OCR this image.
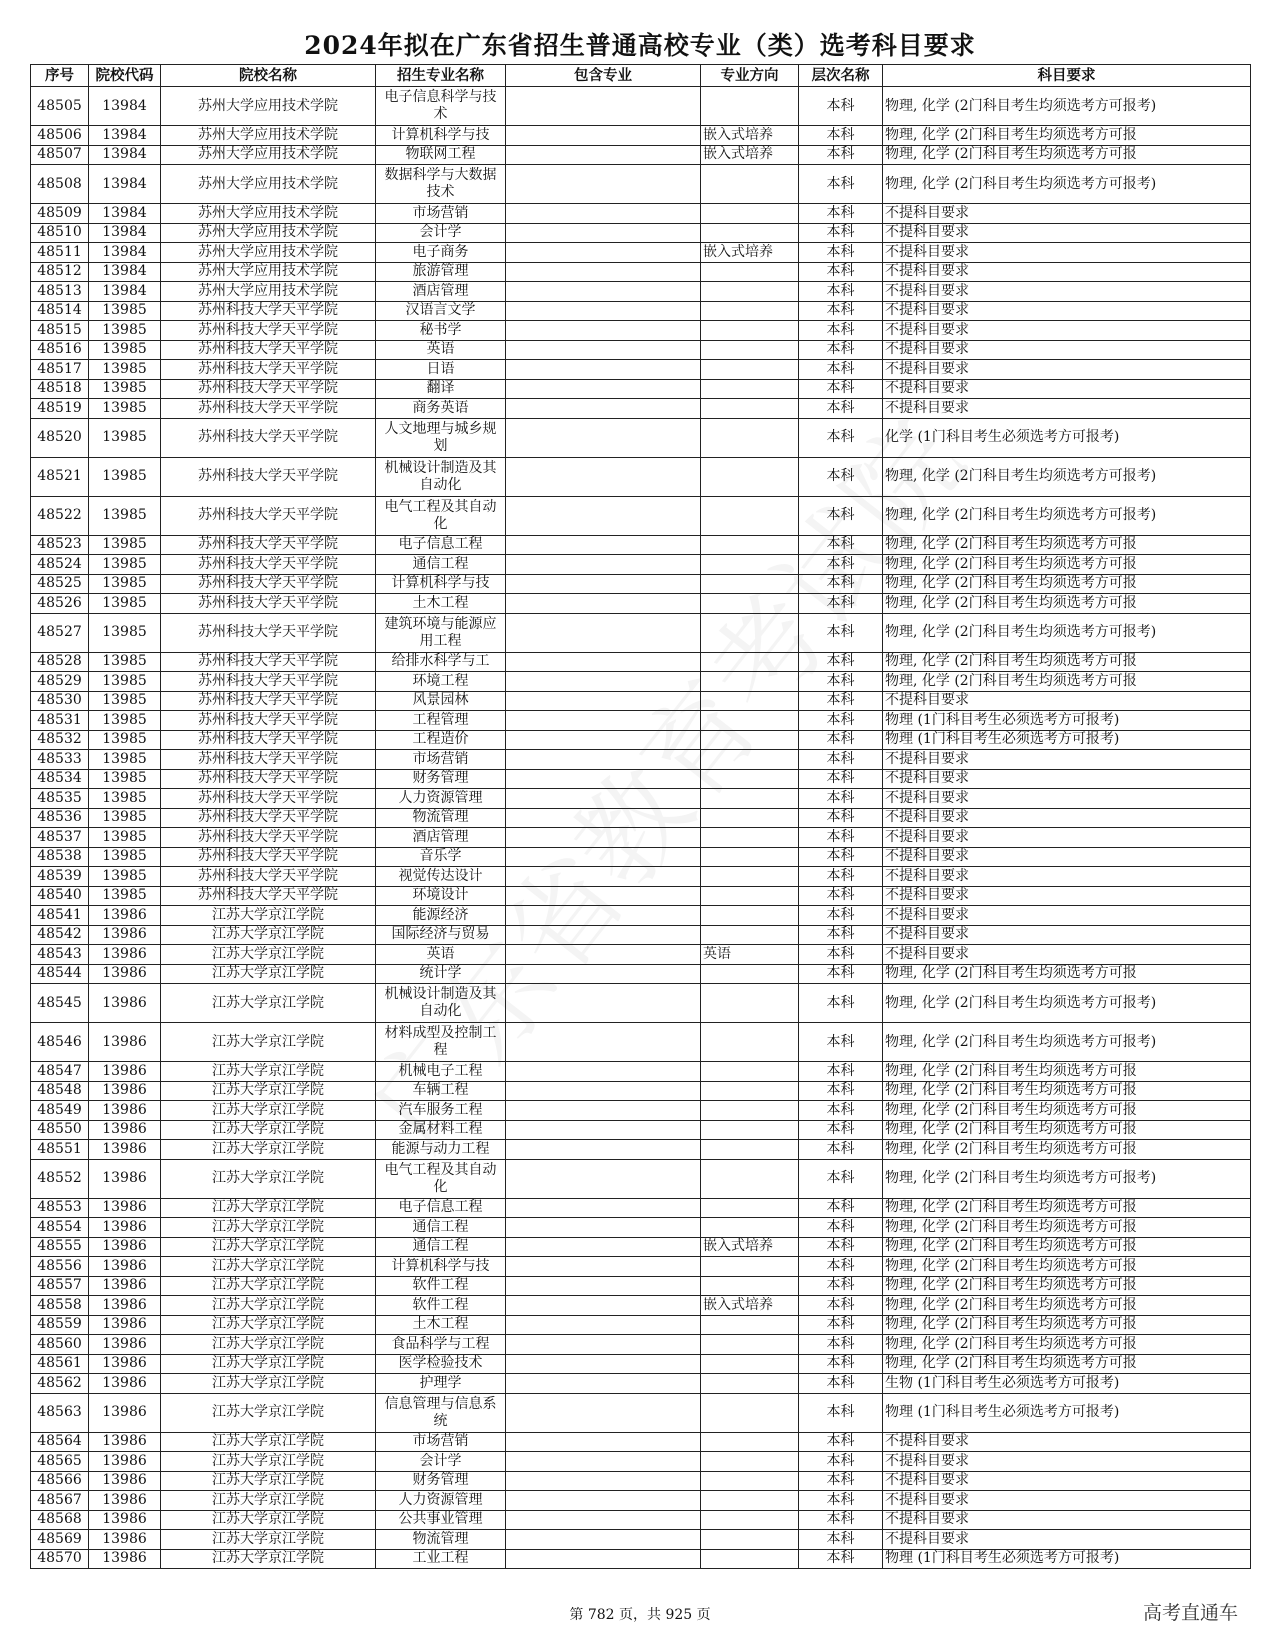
2024年拟在广东省招生普通高校专业（类）选考科目要求
序号	院校代码	院校名称	招生专业名称	包含专业	专业方向	层次名称	科目要求
48505	13984	苏州大学应用技术学院	电子信息科学与技术			本科	物理, 化学 (2门科目考生均须选考方可报考)
48506	13984	苏州大学应用技术学院	计算机科学与技		嵌入式培养	本科	物理, 化学 (2门科目考生均须选考方可报
48507	13984	苏州大学应用技术学院	物联网工程		嵌入式培养	本科	物理, 化学 (2门科目考生均须选考方可报
48508	13984	苏州大学应用技术学院	数据科学与大数据技术			本科	物理, 化学 (2门科目考生均须选考方可报考)
48509	13984	苏州大学应用技术学院	市场营销			本科	不提科目要求
48510	13984	苏州大学应用技术学院	会计学			本科	不提科目要求
48511	13984	苏州大学应用技术学院	电子商务		嵌入式培养	本科	不提科目要求
48512	13984	苏州大学应用技术学院	旅游管理			本科	不提科目要求
48513	13984	苏州大学应用技术学院	酒店管理			本科	不提科目要求
48514	13985	苏州科技大学天平学院	汉语言文学			本科	不提科目要求
48515	13985	苏州科技大学天平学院	秘书学			本科	不提科目要求
48516	13985	苏州科技大学天平学院	英语			本科	不提科目要求
48517	13985	苏州科技大学天平学院	日语			本科	不提科目要求
48518	13985	苏州科技大学天平学院	翻译			本科	不提科目要求
48519	13985	苏州科技大学天平学院	商务英语			本科	不提科目要求
48520	13985	苏州科技大学天平学院	人文地理与城乡规划			本科	化学 (1门科目考生必须选考方可报考)
48521	13985	苏州科技大学天平学院	机械设计制造及其自动化			本科	物理, 化学 (2门科目考生均须选考方可报考)
48522	13985	苏州科技大学天平学院	电气工程及其自动化			本科	物理, 化学 (2门科目考生均须选考方可报考)
48523	13985	苏州科技大学天平学院	电子信息工程			本科	物理, 化学 (2门科目考生均须选考方可报
48524	13985	苏州科技大学天平学院	通信工程			本科	物理, 化学 (2门科目考生均须选考方可报
48525	13985	苏州科技大学天平学院	计算机科学与技			本科	物理, 化学 (2门科目考生均须选考方可报
48526	13985	苏州科技大学天平学院	土木工程			本科	物理, 化学 (2门科目考生均须选考方可报
48527	13985	苏州科技大学天平学院	建筑环境与能源应用工程			本科	物理, 化学 (2门科目考生均须选考方可报考)
48528	13985	苏州科技大学天平学院	给排水科学与工			本科	物理, 化学 (2门科目考生均须选考方可报
48529	13985	苏州科技大学天平学院	环境工程			本科	物理, 化学 (2门科目考生均须选考方可报
48530	13985	苏州科技大学天平学院	风景园林			本科	不提科目要求
48531	13985	苏州科技大学天平学院	工程管理			本科	物理 (1门科目考生必须选考方可报考)
48532	13985	苏州科技大学天平学院	工程造价			本科	物理 (1门科目考生必须选考方可报考)
48533	13985	苏州科技大学天平学院	市场营销			本科	不提科目要求
48534	13985	苏州科技大学天平学院	财务管理			本科	不提科目要求
48535	13985	苏州科技大学天平学院	人力资源管理			本科	不提科目要求
48536	13985	苏州科技大学天平学院	物流管理			本科	不提科目要求
48537	13985	苏州科技大学天平学院	酒店管理			本科	不提科目要求
48538	13985	苏州科技大学天平学院	音乐学			本科	不提科目要求
48539	13985	苏州科技大学天平学院	视觉传达设计			本科	不提科目要求
48540	13985	苏州科技大学天平学院	环境设计			本科	不提科目要求
48541	13986	江苏大学京江学院	能源经济			本科	不提科目要求
48542	13986	江苏大学京江学院	国际经济与贸易			本科	不提科目要求
48543	13986	江苏大学京江学院	英语		英语	本科	不提科目要求
48544	13986	江苏大学京江学院	统计学			本科	物理, 化学 (2门科目考生均须选考方可报
48545	13986	江苏大学京江学院	机械设计制造及其自动化			本科	物理, 化学 (2门科目考生均须选考方可报考)
48546	13986	江苏大学京江学院	材料成型及控制工程			本科	物理, 化学 (2门科目考生均须选考方可报考)
48547	13986	江苏大学京江学院	机械电子工程			本科	物理, 化学 (2门科目考生均须选考方可报
48548	13986	江苏大学京江学院	车辆工程			本科	物理, 化学 (2门科目考生均须选考方可报
48549	13986	江苏大学京江学院	汽车服务工程			本科	物理, 化学 (2门科目考生均须选考方可报
48550	13986	江苏大学京江学院	金属材料工程			本科	物理, 化学 (2门科目考生均须选考方可报
48551	13986	江苏大学京江学院	能源与动力工程			本科	物理, 化学 (2门科目考生均须选考方可报
48552	13986	江苏大学京江学院	电气工程及其自动化			本科	物理, 化学 (2门科目考生均须选考方可报考)
48553	13986	江苏大学京江学院	电子信息工程			本科	物理, 化学 (2门科目考生均须选考方可报
48554	13986	江苏大学京江学院	通信工程			本科	物理, 化学 (2门科目考生均须选考方可报
48555	13986	江苏大学京江学院	通信工程		嵌入式培养	本科	物理, 化学 (2门科目考生均须选考方可报
48556	13986	江苏大学京江学院	计算机科学与技			本科	物理, 化学 (2门科目考生均须选考方可报
48557	13986	江苏大学京江学院	软件工程			本科	物理, 化学 (2门科目考生均须选考方可报
48558	13986	江苏大学京江学院	软件工程		嵌入式培养	本科	物理, 化学 (2门科目考生均须选考方可报
48559	13986	江苏大学京江学院	土木工程			本科	物理, 化学 (2门科目考生均须选考方可报
48560	13986	江苏大学京江学院	食品科学与工程			本科	物理, 化学 (2门科目考生均须选考方可报
48561	13986	江苏大学京江学院	医学检验技术			本科	物理, 化学 (2门科目考生均须选考方可报
48562	13986	江苏大学京江学院	护理学			本科	生物 (1门科目考生必须选考方可报考)
48563	13986	江苏大学京江学院	信息管理与信息系统			本科	物理 (1门科目考生必须选考方可报考)
48564	13986	江苏大学京江学院	市场营销			本科	不提科目要求
48565	13986	江苏大学京江学院	会计学			本科	不提科目要求
48566	13986	江苏大学京江学院	财务管理			本科	不提科目要求
48567	13986	江苏大学京江学院	人力资源管理			本科	不提科目要求
48568	13986	江苏大学京江学院	公共事业管理			本科	不提科目要求
48569	13986	江苏大学京江学院	物流管理			本科	不提科目要求
48570	13986	江苏大学京江学院	工业工程			本科	物理 (1门科目考生必须选考方可报考)
第 782 页，共 925 页	高考直通车
